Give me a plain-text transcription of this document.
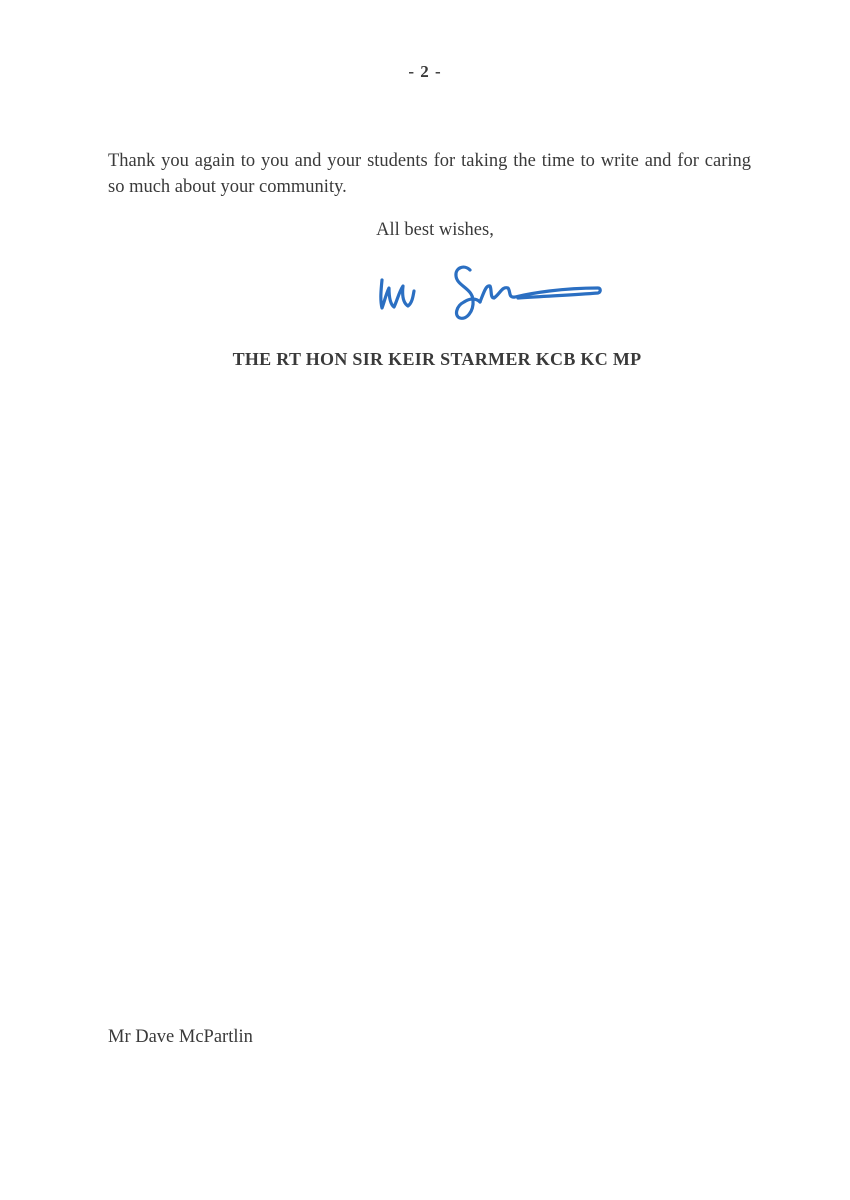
- 2 -
Thank you again to you and your students for taking the time to write and for caring so much about your community.
All best wishes,
THE RT HON SIR KEIR STARMER KCB KC MP
Mr Dave McPartlin
